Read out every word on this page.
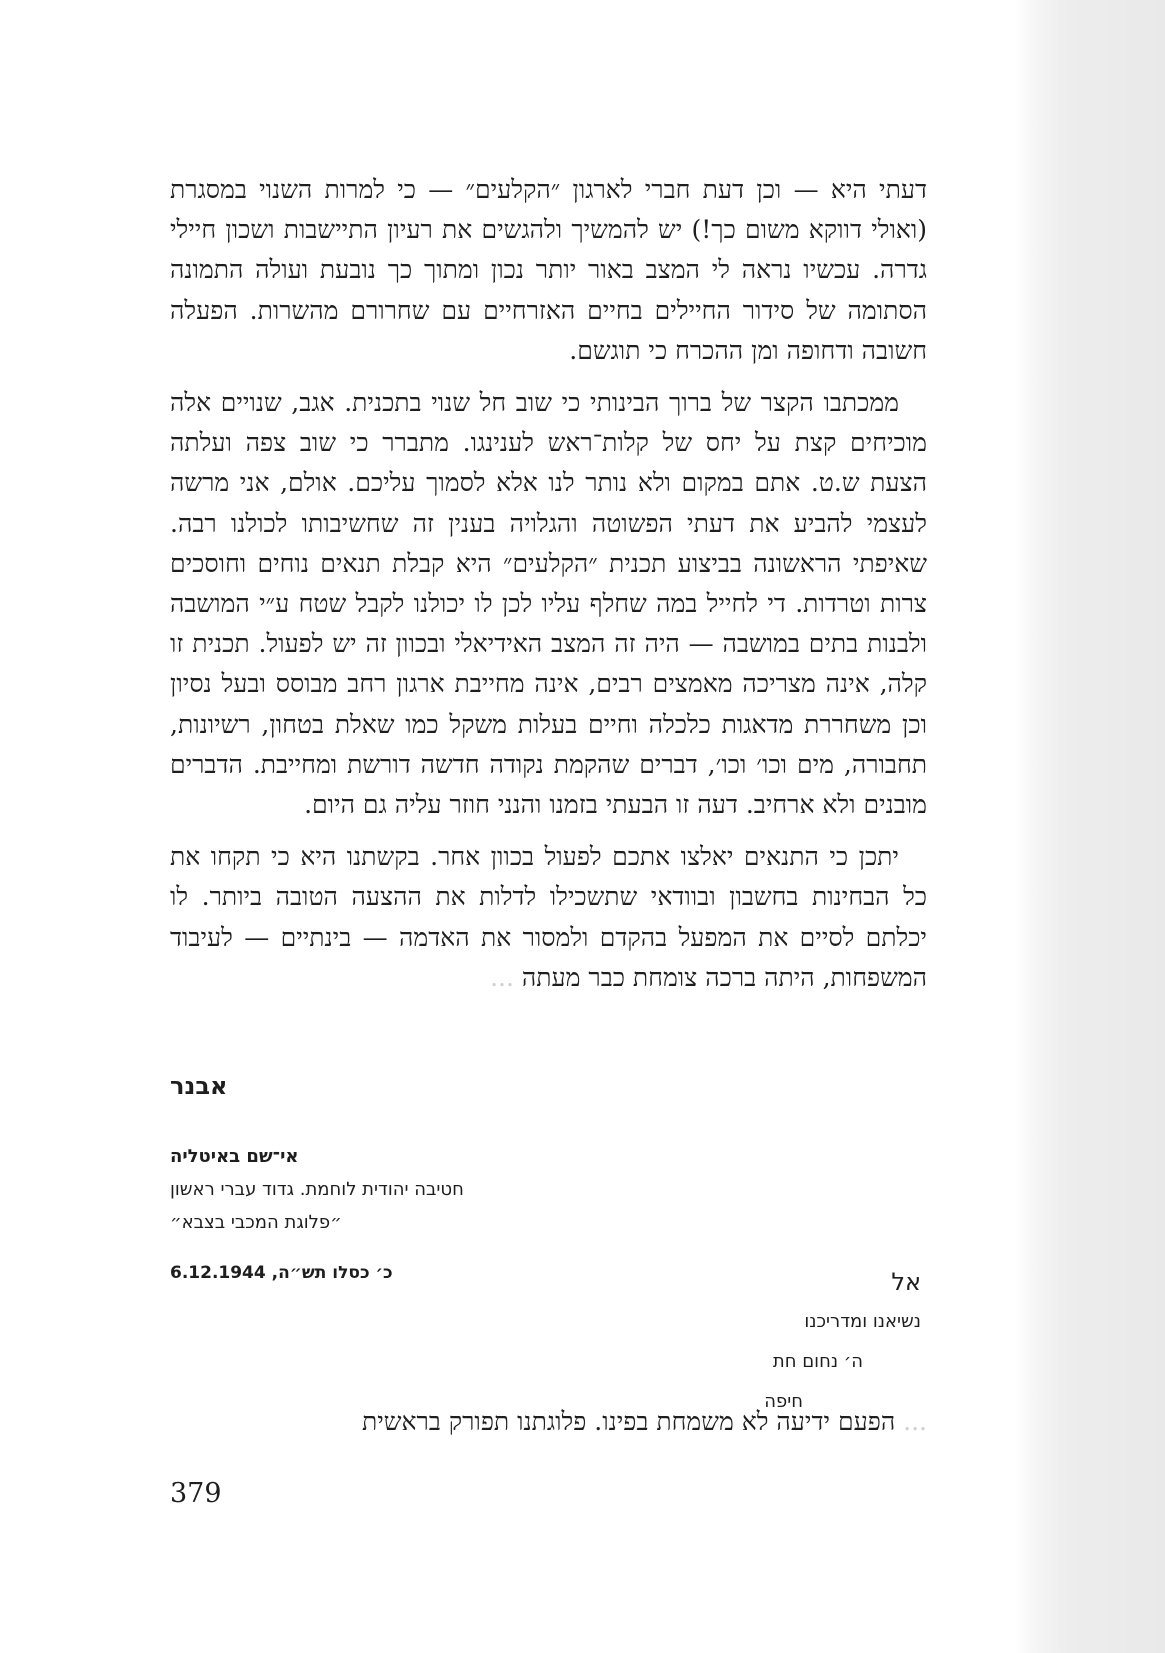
דעתי היא — וכן דעת חברי לארגון ״הקלעים״ — כי למרות השנוי במסגרת (ואולי דווקא משום כך!) יש להמשיך ולהגשים את רעיון התיישבות ושכון חיילי גדרה. עכשיו נראה לי המצב באור יותר נכון ומתוך כך נובעת ועולה התמונה הסתומה של סידור החיילים בחיים האזרחיים עם שחרורם מהשרות. הפעלה חשובה ודחופה ומן ההכרח כי תוגשם.

ממכתבו הקצר של ברוך הבינותי כי שוב חל שנוי בתכנית. אגב, שנויים אלה מוכיחים קצת על יחס של קלות־ראש לענינגו. מתברר כי שוב צפה ועלתה הצעת ש.ט. אתם במקום ולא נותר לנו אלא לסמוך עליכם. אולם, אני מרשה לעצמי להביע את דעתי הפשוטה והגלויה בענין זה שחשיבותו לכולנו רבה. שאיפתי הראשונה בביצוע תכנית ״הקלעים״ היא קבלת תנאים נוחים וחוסכים צרות וטרדות. די לחייל במה שחלף עליו לכן לו יכולנו לקבל שטח ע״י המושבה ולבנות בתים במושבה — היה זה המצב האידיאלי ובכוון זה יש לפעול. תכנית זו קלה, אינה מצריכה מאמצים רבים, אינה מחייבת ארגון רחב מבוסס ובעל נסיון וכן משחררת מדאגות כלכלה וחיים בעלות משקל כמו שאלת בטחון, רשיונות, תחבורה, מים וכו׳ וכו׳, דברים שהקמת נקודה חדשה דורשת ומחייבת. הדברים מובנים ולא ארחיב. דעה זו הבעתי בזמנו והנני חוזר עליה גם היום.

יתכן כי התנאים יאלצו אתכם לפעול בכוון אחר. בקשתנו היא כי תקחו את כל הבחינות בחשבון ובוודאי שתשכילו לדלות את ההצעה הטובה ביותר. לו יכלתם לסיים את המפעל בהקדם ולמסור את האדמה — בינתיים — לעיבוד המשפחות, היתה ברכה צומחת כבר מעתה ...

אבנר
אי־שם באיטליה
חטיבה יהודית לוחמת. גדוד עברי ראשון
״פלוגת המכבי בצבא״
כ׳ כסלו תש״ה, 6.12.1944	אל
נשיאנו ומדריכנו
ה׳ נחום חת
חיפה
... הפעם ידיעה לא משמחת בפינו. פלוגתנו תפורק בראשית
379
